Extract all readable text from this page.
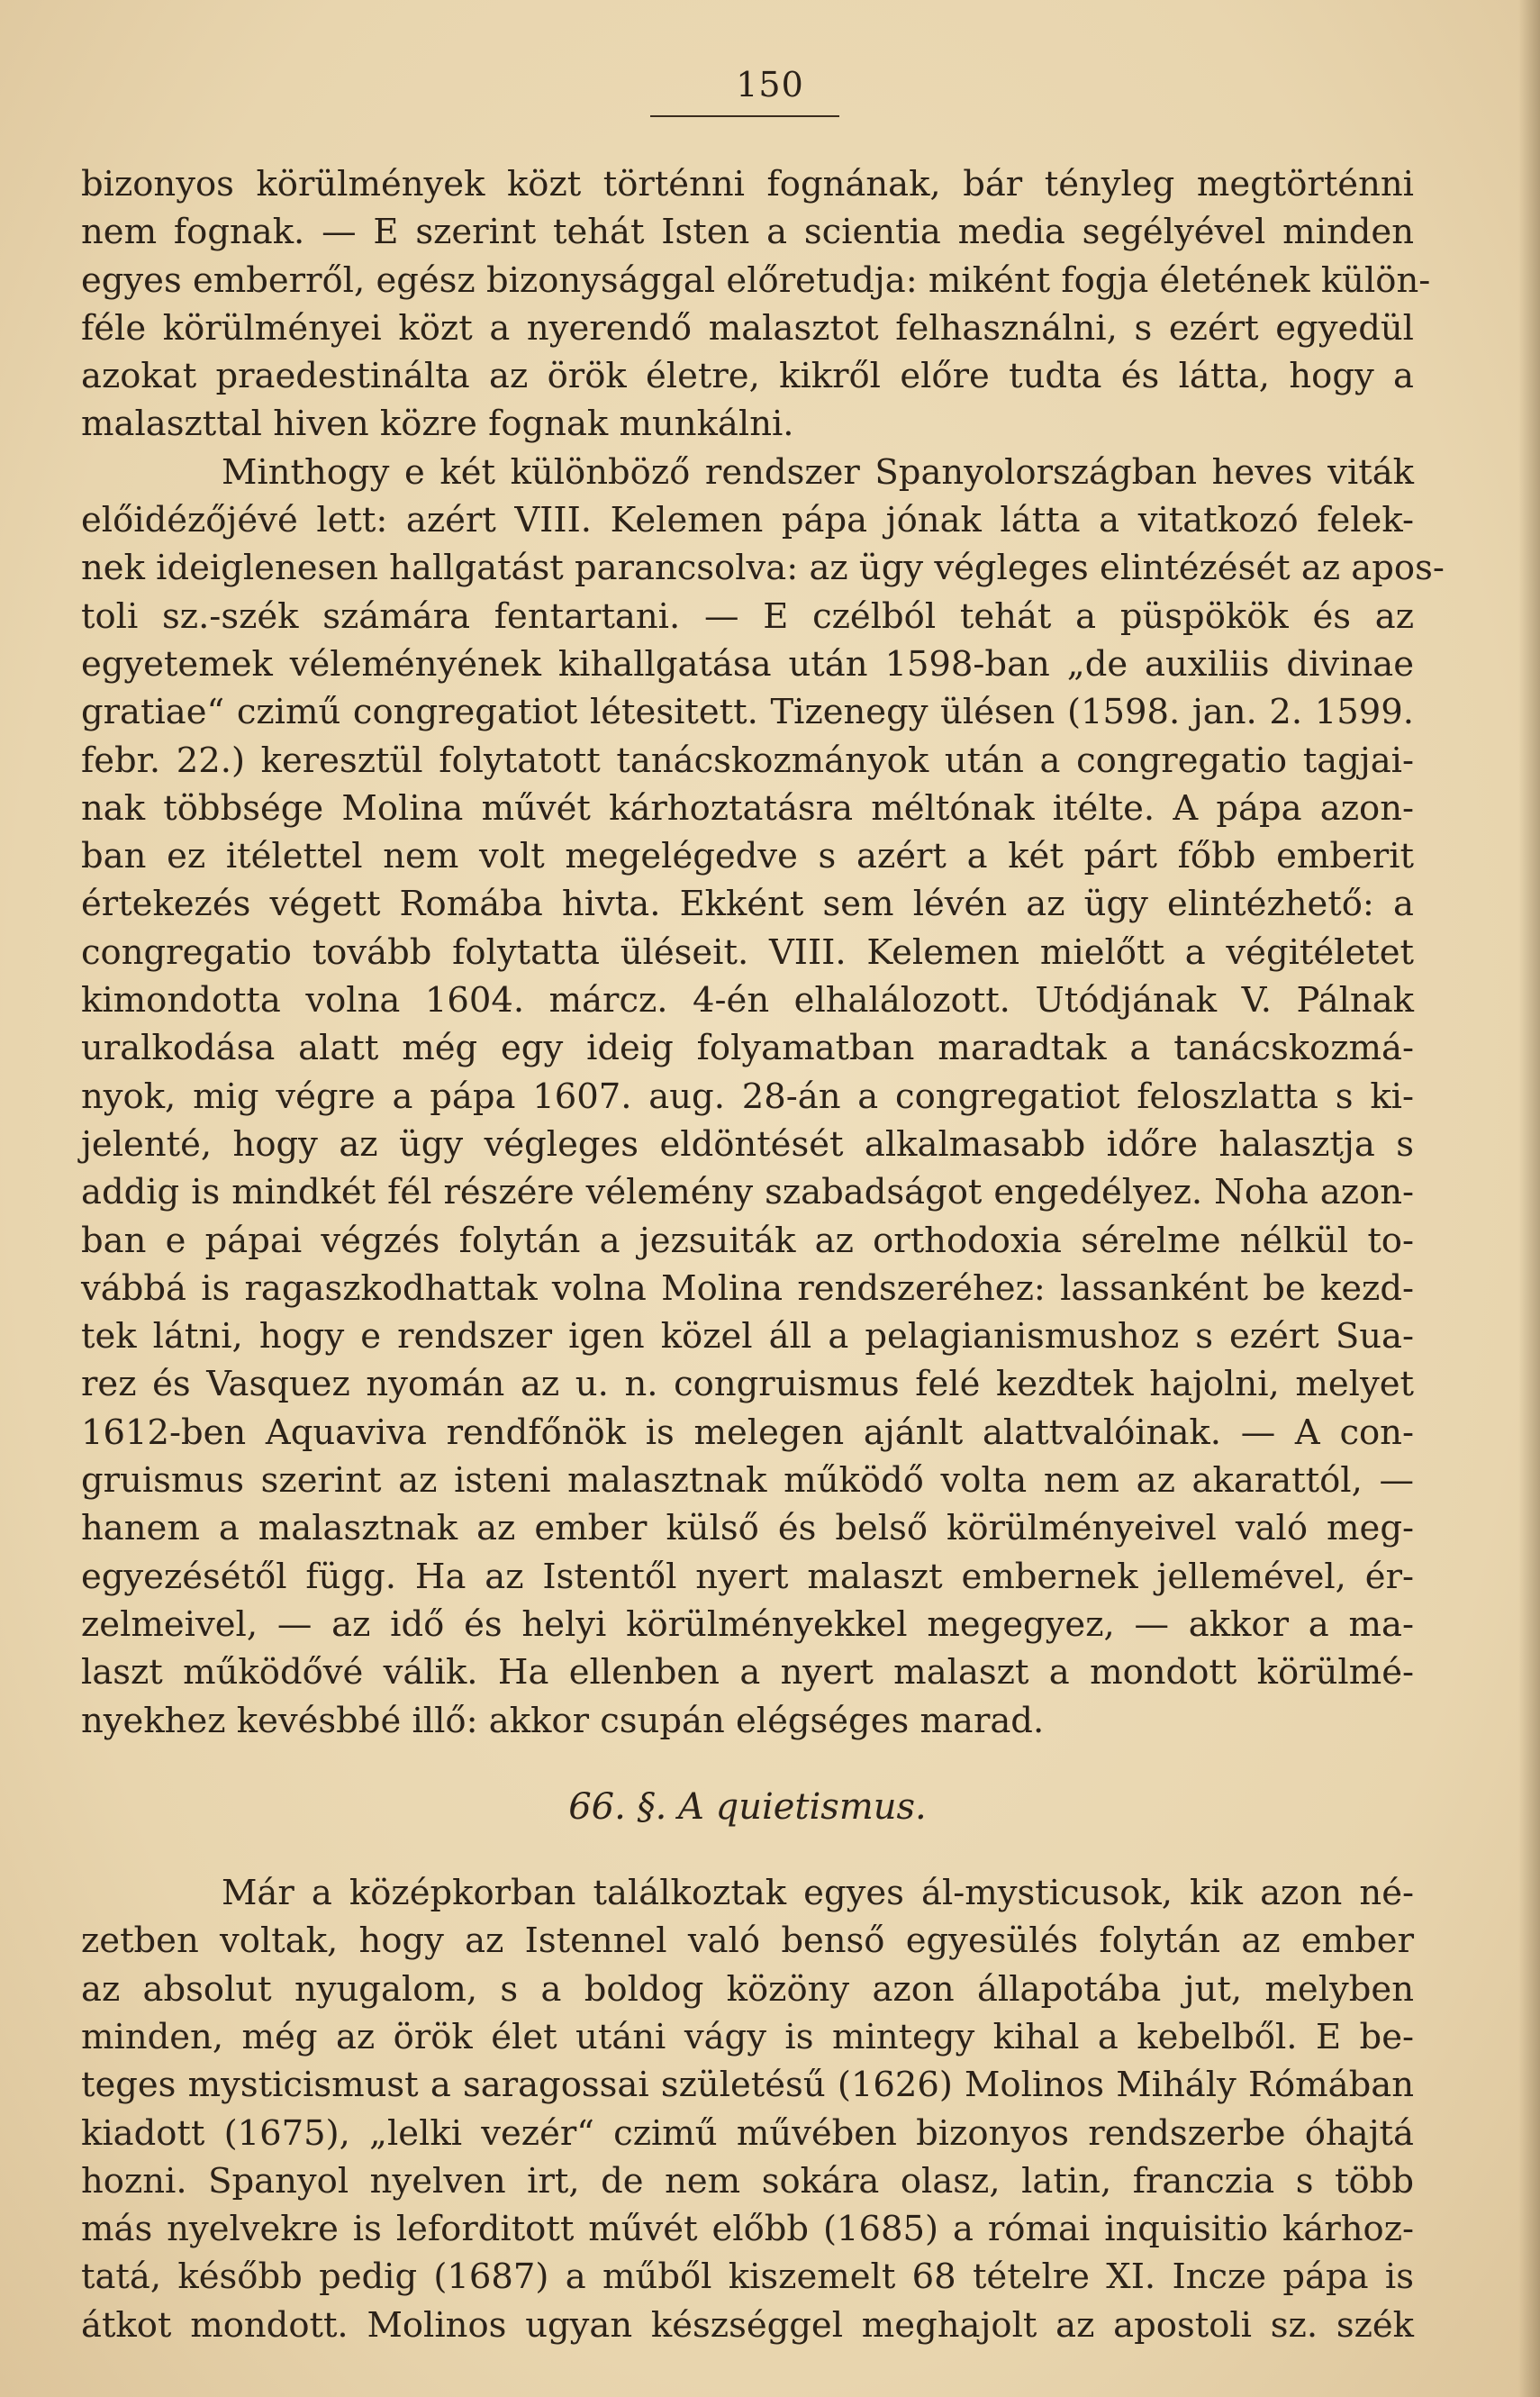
150
bizonyos körülmények közt történni fognának, bár tényleg megtörténni
nem fognak. — E szerint tehát Isten a scientia media segélyével minden
egyes emberről, egész bizonysággal előretudja: miként fogja életének külön-
féle körülményei közt a nyerendő malasztot felhasználni, s ezért egyedül
azokat praedestinálta az örök életre, kikről előre tudta és látta, hogy a
malaszttal hiven közre fognak munkálni.
Minthogy e két különböző rendszer Spanyolországban heves viták
előidézőjévé lett: azért VIII. Kelemen pápa jónak látta a vitatkozó felek-
nek ideiglenesen hallgatást parancsolva: az ügy végleges elintézését az apos-
toli sz.-szék számára fentartani. — E czélból tehát a püspökök és az
egyetemek véleményének kihallgatása után 1598-ban „de auxiliis divinae
gratiae“ czimű congregatiot létesitett. Tizenegy ülésen (1598. jan. 2. 1599.
febr. 22.) keresztül folytatott tanácskozmányok után a congregatio tagjai-
nak többsége Molina művét kárhoztatásra méltónak itélte. A pápa azon-
ban ez itélettel nem volt megelégedve s azért a két párt főbb emberit
értekezés végett Romába hivta. Ekként sem lévén az ügy elintézhető: a
congregatio tovább folytatta üléseit. VIII. Kelemen mielőtt a végitéletet
kimondotta volna 1604. márcz. 4-én elhalálozott. Utódjának V. Pálnak
uralkodása alatt még egy ideig folyamatban maradtak a tanácskozmá-
nyok, mig végre a pápa 1607. aug. 28-án a congregatiot feloszlatta s ki-
jelenté, hogy az ügy végleges eldöntését alkalmasabb időre halasztja s
addig is mindkét fél részére vélemény szabadságot engedélyez. Noha azon-
ban e pápai végzés folytán a jezsuiták az orthodoxia sérelme nélkül to-
vábbá is ragaszkodhattak volna Molina rendszeréhez: lassanként be kezd-
tek látni, hogy e rendszer igen közel áll a pelagianismushoz s ezért Sua-
rez és Vasquez nyomán az u. n. congruismus felé kezdtek hajolni, melyet
1612-ben Aquaviva rendfőnök is melegen ajánlt alattvalóinak. — A con-
gruismus szerint az isteni malasztnak működő volta nem az akarattól, —
hanem a malasztnak az ember külső és belső körülményeivel való meg-
egyezésétől függ. Ha az Istentől nyert malaszt embernek jellemével, ér-
zelmeivel, — az idő és helyi körülményekkel megegyez, — akkor a ma-
laszt működővé válik. Ha ellenben a nyert malaszt a mondott körülmé-
nyekhez kevésbbé illő: akkor csupán elégséges marad.
66. §. A quietismus.
Már a középkorban találkoztak egyes ál-mysticusok, kik azon né-
zetben voltak, hogy az Istennel való benső egyesülés folytán az ember
az absolut nyugalom, s a boldog közöny azon állapotába jut, melyben
minden, még az örök élet utáni vágy is mintegy kihal a kebelből. E be-
teges mysticismust a saragossai születésű (1626) Molinos Mihály Rómában
kiadott (1675), „lelki vezér“ czimű művében bizonyos rendszerbe óhajtá
hozni. Spanyol nyelven irt, de nem sokára olasz, latin, franczia s több
más nyelvekre is leforditott művét előbb (1685) a római inquisitio kárhoz-
tatá, később pedig (1687) a műből kiszemelt 68 tételre XI. Incze pápa is
átkot mondott. Molinos ugyan készséggel meghajolt az apostoli sz. szék
